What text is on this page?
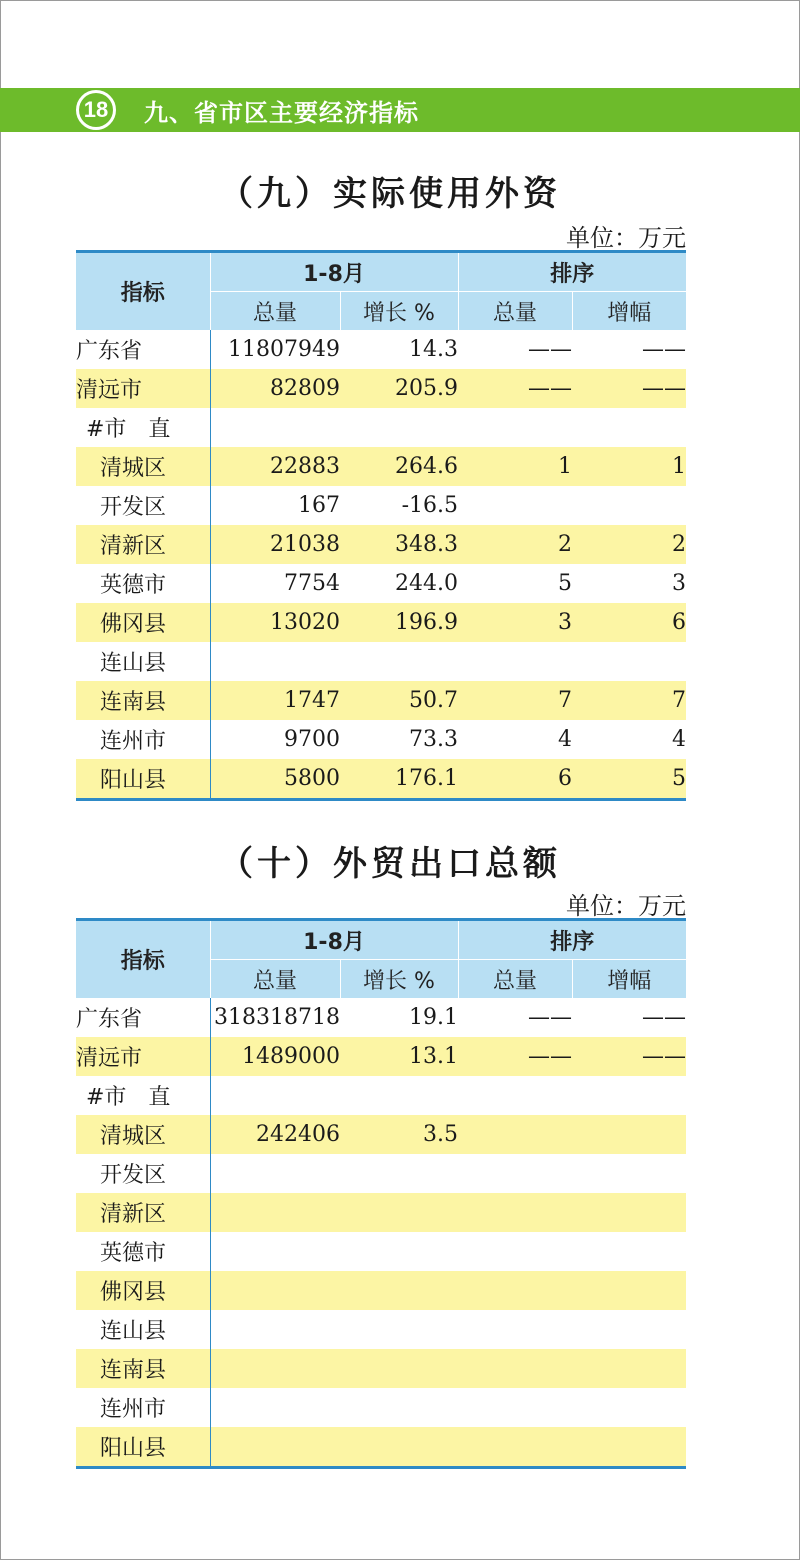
18 九、省市区主要经济指标
（九）实际使用外资
单位：万元
指标	1-8月		排序	
	总量	增长 %	总量	增幅
广东省	11807949	14.3	——	——
清远市	82809	205.9	——	——
#市　直				
清城区	22883	264.6	1	1
开发区	167	-16.5		
清新区	21038	348.3	2	2
英德市	7754	244.0	5	3
佛冈县	13020	196.9	3	6
连山县				
连南县	1747	50.7	7	7
连州市	9700	73.3	4	4
阳山县	5800	176.1	6	5
（十）外贸出口总额
单位：万元
指标	1-8月		排序	
	总量	增长 %	总量	增幅
广东省	318318718	19.1	——	——
清远市	1489000	13.1	——	——
#市　直				
清城区	242406	3.5		
开发区				
清新区				
英德市				
佛冈县				
连山县				
连南县				
连州市				
阳山县				
